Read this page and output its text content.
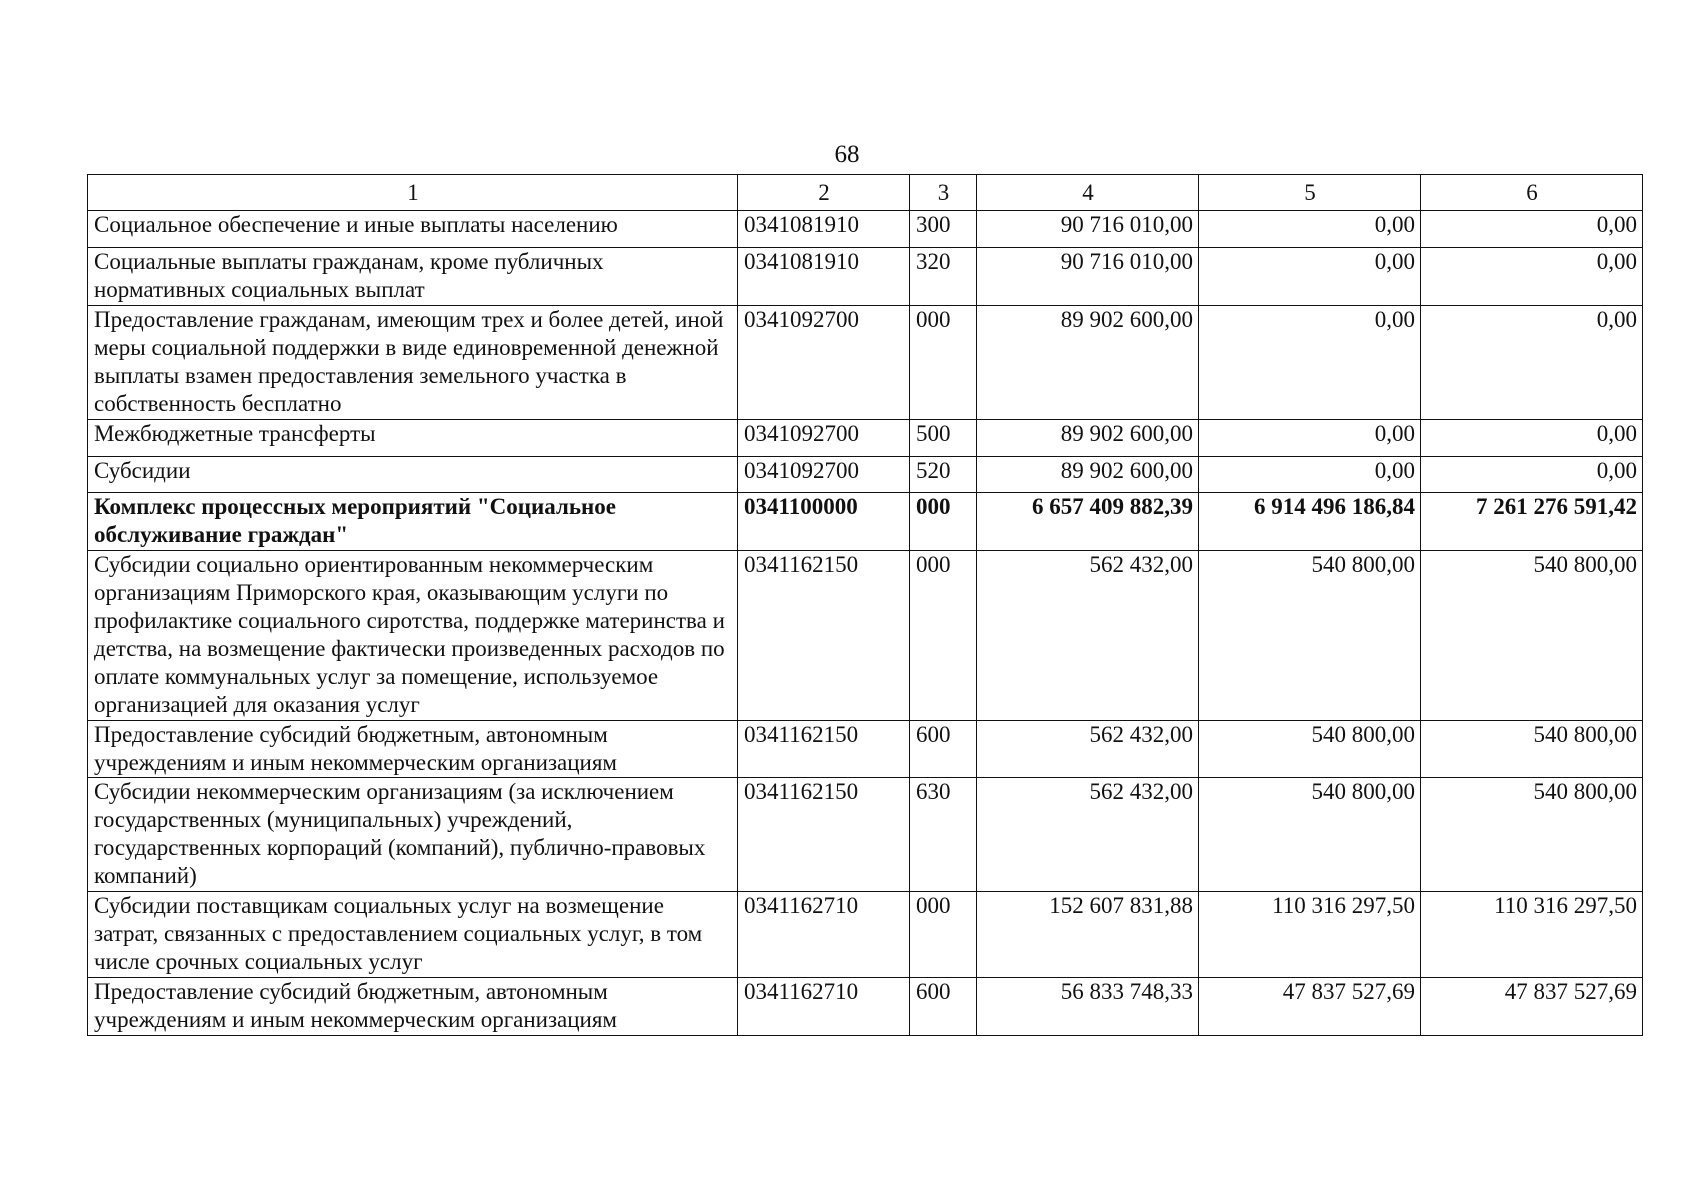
68
1	2	3	4	5	6
Социальное обеспечение и иные выплаты населению	0341081910	300	90 716 010,00	0,00	0,00
Социальные выплаты гражданам, кроме публичных нормативных социальных выплат	0341081910	320	90 716 010,00	0,00	0,00
Предоставление гражданам, имеющим трех и более детей, иной меры социальной поддержки в виде единовременной денежной выплаты взамен предоставления земельного участка в собственность бесплатно	0341092700	000	89 902 600,00	0,00	0,00
Межбюджетные трансферты	0341092700	500	89 902 600,00	0,00	0,00
Субсидии	0341092700	520	89 902 600,00	0,00	0,00
Комплекс процессных мероприятий "Социальное обслуживание граждан"	0341100000	000	6 657 409 882,39	6 914 496 186,84	7 261 276 591,42
Субсидии социально ориентированным некоммерческим организациям Приморского края, оказывающим услуги по профилактике социального сиротства, поддержке материнства и детства, на возмещение фактически произведенных расходов по оплате коммунальных услуг за помещение, используемое организацией для оказания услуг	0341162150	000	562 432,00	540 800,00	540 800,00
Предоставление субсидий бюджетным, автономным учреждениям и иным некоммерческим организациям	0341162150	600	562 432,00	540 800,00	540 800,00
Субсидии некоммерческим организациям (за исключением государственных (муниципальных) учреждений, государственных корпораций (компаний), публично-правовых компаний)	0341162150	630	562 432,00	540 800,00	540 800,00
Субсидии поставщикам социальных услуг на возмещение затрат, связанных с предоставлением социальных услуг, в том числе срочных социальных услуг	0341162710	000	152 607 831,88	110 316 297,50	110 316 297,50
Предоставление субсидий бюджетным, автономным учреждениям и иным некоммерческим организациям	0341162710	600	56 833 748,33	47 837 527,69	47 837 527,69
